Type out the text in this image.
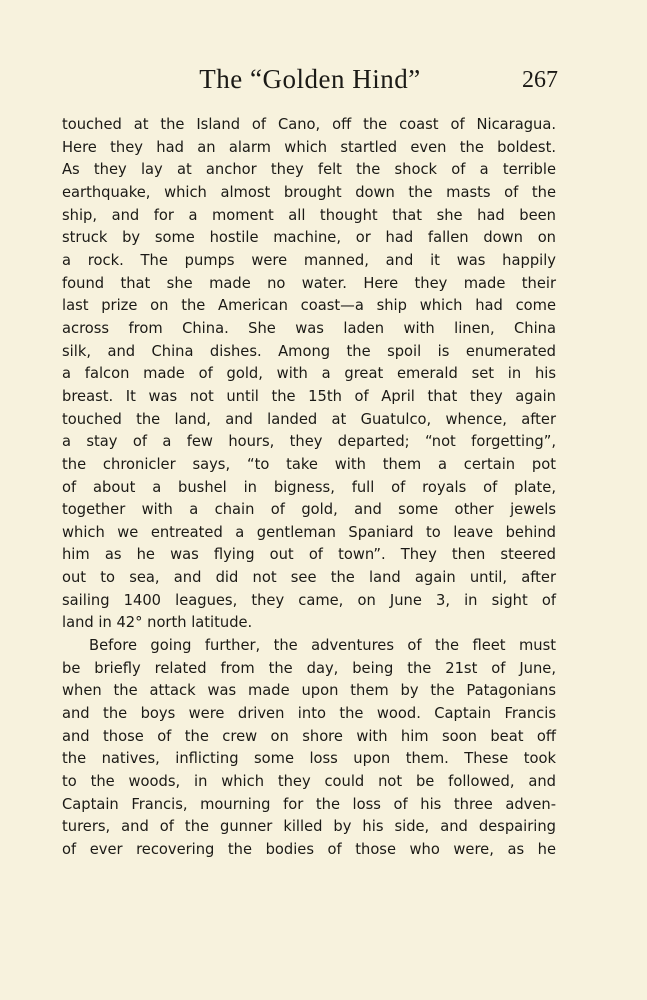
The “Golden Hind”	267
touched at the Island of Cano, off the coast of Nicaragua.
Here they had an alarm which startled even the boldest.
As they lay at anchor they felt the shock of a terrible
earthquake, which almost brought down the masts of the
ship, and for a moment all thought that she had been
struck by some hostile machine, or had fallen down on
a rock. The pumps were manned, and it was happily
found that she made no water. Here they made their
last prize on the American coast—a ship which had come
across from China. She was laden with linen, China
silk, and China dishes. Among the spoil is enumerated
a falcon made of gold, with a great emerald set in his
breast. It was not until the 15th of April that they again
touched the land, and landed at Guatulco, whence, after
a stay of a few hours, they departed; “not forgetting”,
the chronicler says, “to take with them a certain pot
of about a bushel in bigness, full of royals of plate,
together with a chain of gold, and some other jewels
which we entreated a gentleman Spaniard to leave behind
him as he was flying out of town”. They then steered
out to sea, and did not see the land again until, after
sailing 1400 leagues, they came, on June 3, in sight of
land in 42° north latitude.
Before going further, the adventures of the fleet must
be briefly related from the day, being the 21st of June,
when the attack was made upon them by the Patagonians
and the boys were driven into the wood. Captain Francis
and those of the crew on shore with him soon beat off
the natives, inflicting some loss upon them. These took
to the woods, in which they could not be followed, and
Captain Francis, mourning for the loss of his three adven-
turers, and of the gunner killed by his side, and despairing
of ever recovering the bodies of those who were, as he
